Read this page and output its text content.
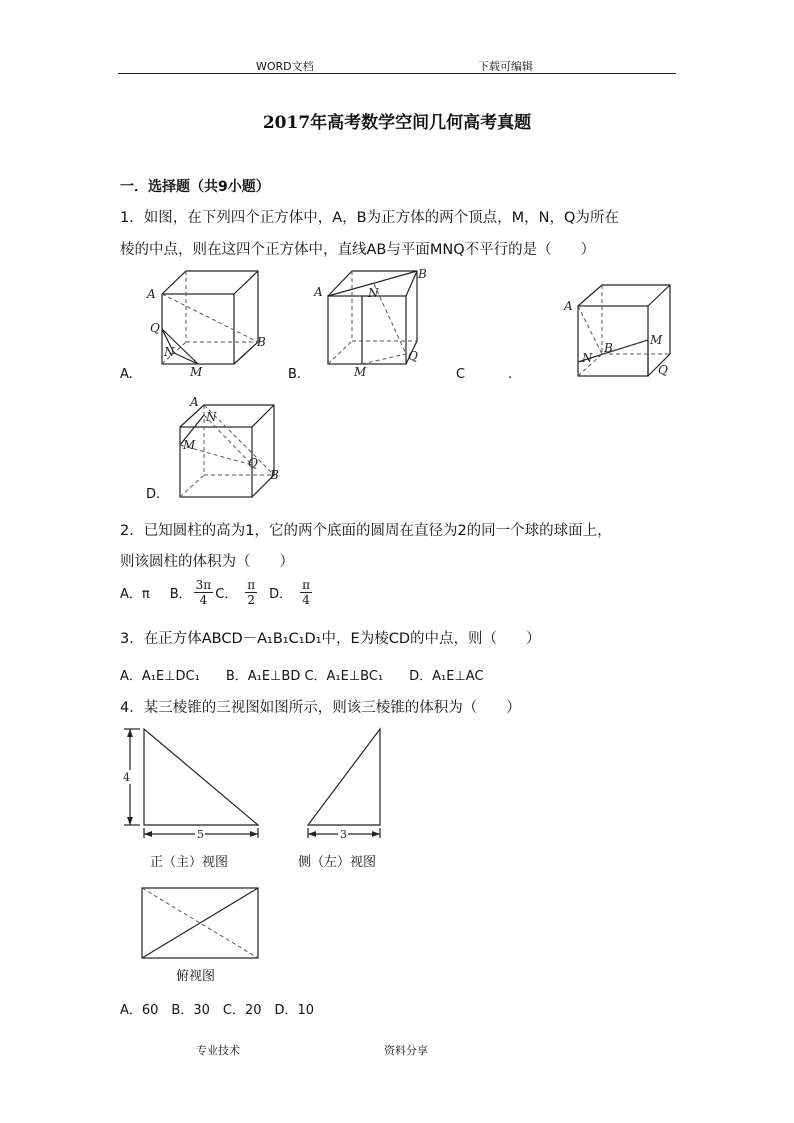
WORD文档	下载可编辑
2017年高考数学空间几何高考真题
一．选择题（共9小题）
1．如图，在下列四个正方体中，A，B为正方体的两个顶点，M，N，Q为所在
棱的中点，则在这四个正方体中，直线AB与平面MNQ不平行的是（　　）
A
B
Q
N
M
A.
A
B
N
Q
M
B.
A
B
N
M
Q
C	.
A
N
M
Q
B
D.
2．已知圆柱的高为1，它的两个底面的圆周在直径为2的同一个球的球面上，
则该圆柱的体积为（　　）
A．π B． $\frac{3\pi}{4}$ C． $\frac{\pi}{2}$ D． $\frac{\pi}{4}$
3．在正方体ABCD－A₁B₁C₁D₁中，E为棱CD的中点，则（　　）
A．A₁E⊥DC₁　　B．A₁E⊥BD C．A₁E⊥BC₁　　D．A₁E⊥AC
4．某三棱锥的三视图如图所示，则该三棱锥的体积为（　　）
4
5
正（主）视图
3
侧（左）视图
俯视图
A．60　B．30　C．20　D．10
专业技术	资料分享
